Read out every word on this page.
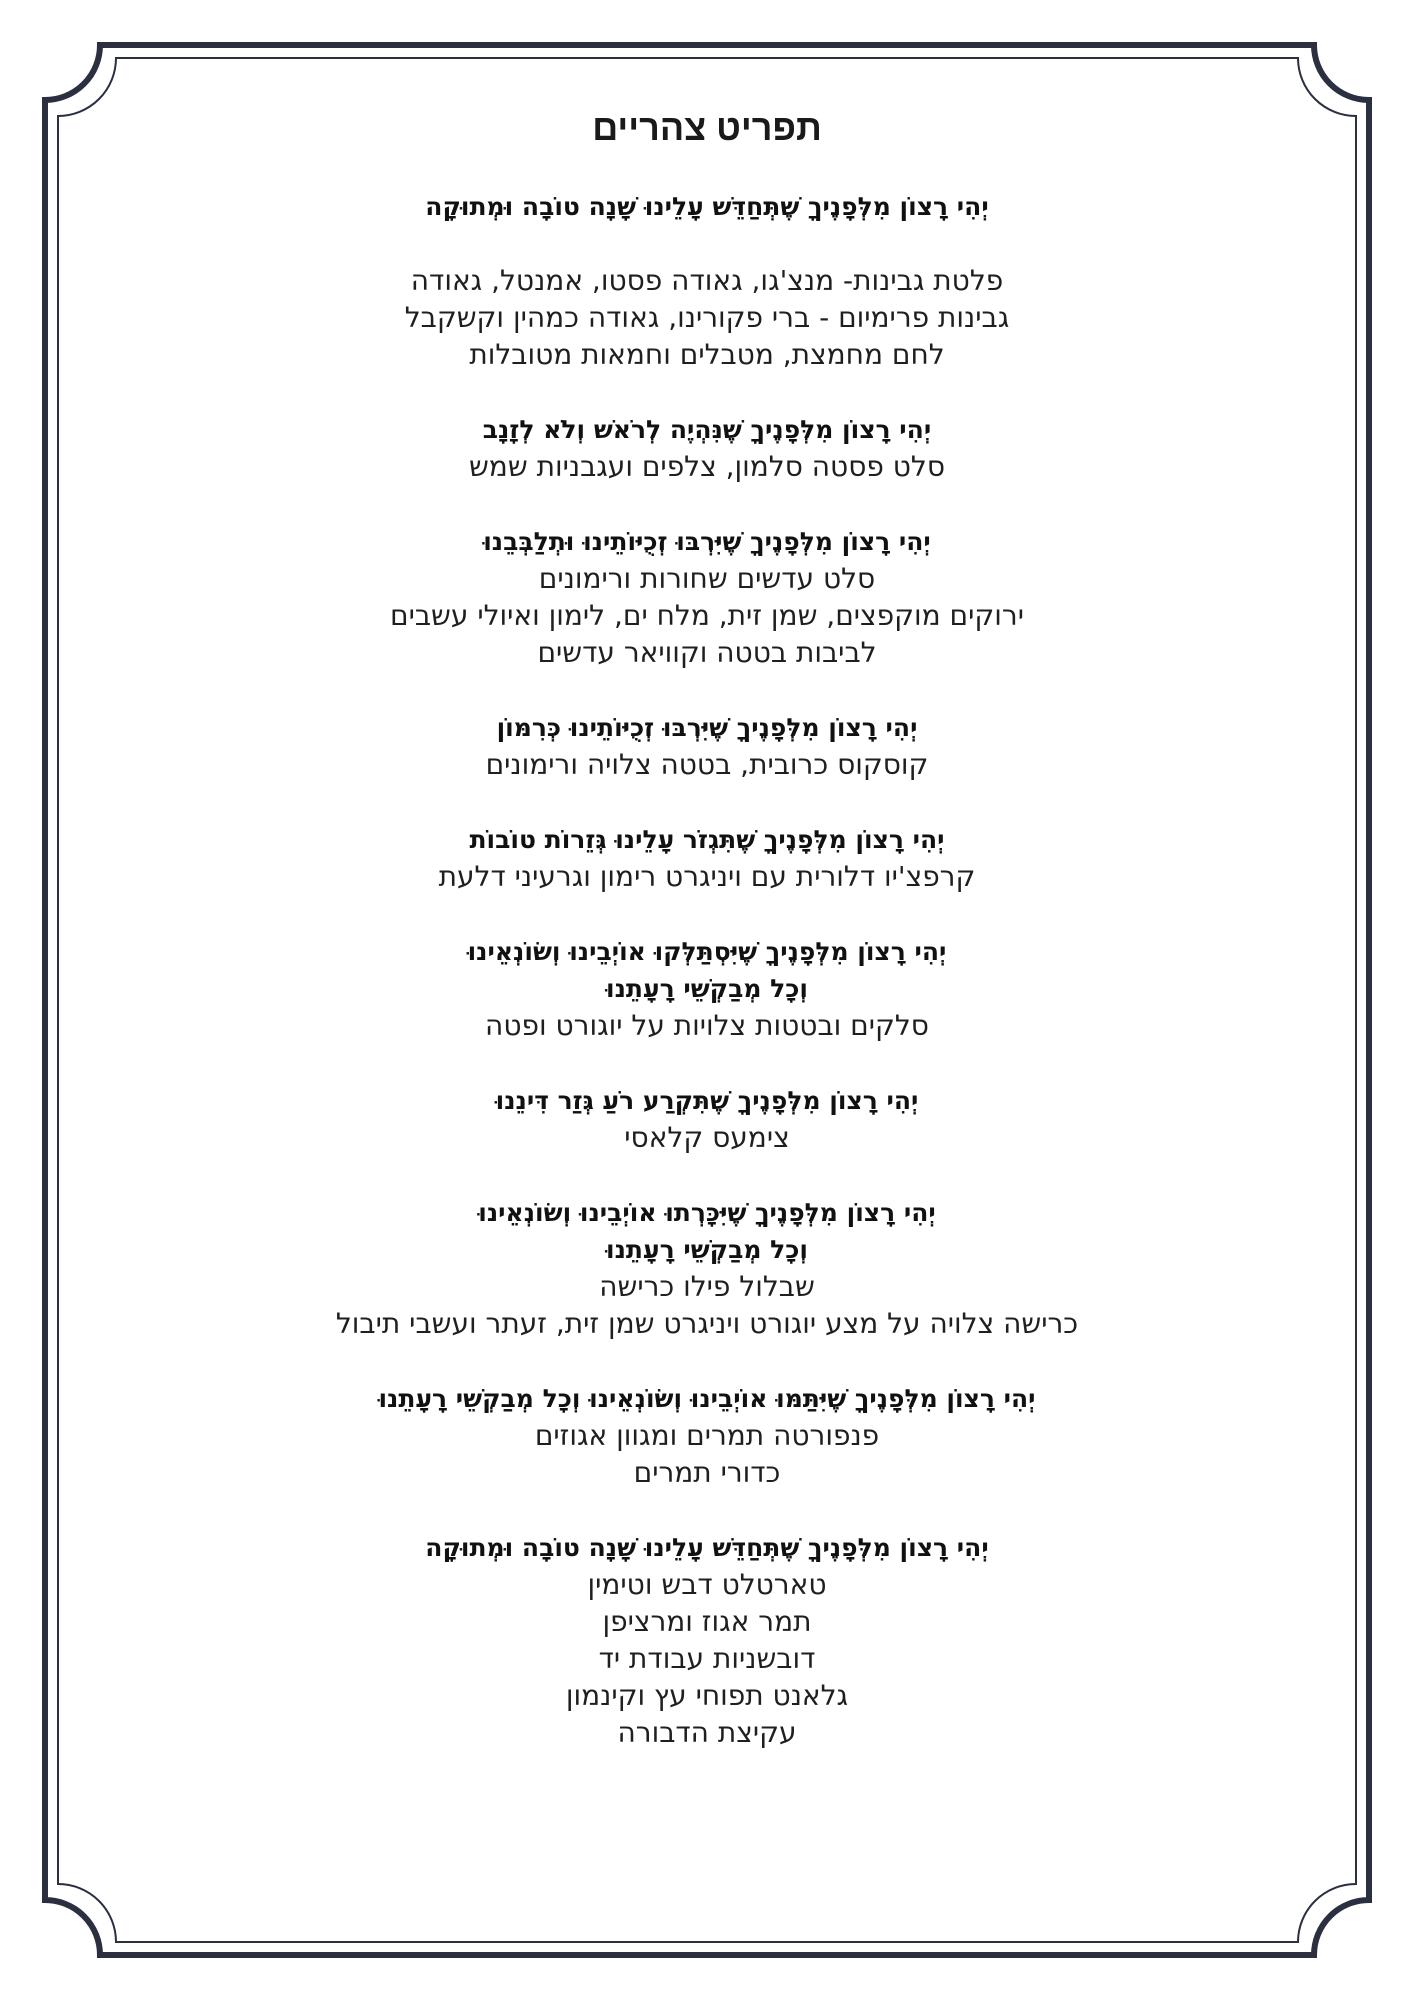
תפריט צהריים
יְהִי רָצוֹן מִלְּפָנֶיךָ שֶׁתְּחַדֵּשׁ עָלֵינוּ שָׁנָה טוֹבָה וּמְתוּקָה
פלטת גבינות- מנצ'גו, גאודה פסטו, אמנטל, גאודה
גבינות פרימיום - ברי פקורינו, גאודה כמהין וקשקבל
לחם מחמצת, מטבלים וחמאות מטובלות
יְהִי רָצוֹן מִלְּפָנֶיךָ שֶׁנִּהְיֶה לְרֹאשׁ וְלֹא לְזָנָב
סלט פסטה סלמון, צלפים ועגבניות שמש
יְהִי רָצוֹן מִלְּפָנֶיךָ שֶׁיִּרְבּוּ זְכֻיּוֹתֵינוּ וּתְלַבְּבֵנוּ
סלט עדשים שחורות ורימונים
ירוקים מוקפצים, שמן זית, מלח ים, לימון ואיולי עשבים
לביבות בטטה וקוויאר עדשים
יְהִי רָצוֹן מִלְּפָנֶיךָ שֶׁיִּרְבּוּ זְכֻיּוֹתֵינוּ כְּרִמּוֹן
קוסקוס כרובית, בטטה צלויה ורימונים
יְהִי רָצוֹן מִלְּפָנֶיךָ שֶׁתִּגְזֹר עָלֵינוּ גְּזֵרוֹת טוֹבוֹת
קרפצ'יו דלורית עם ויניגרט רימון וגרעיני דלעת
יְהִי רָצוֹן מִלְּפָנֶיךָ שֶׁיִּסְתַּלְּקוּ אוֹיְבֵינוּ וְשׂוֹנְאֵינוּ
וְכָל מְבַקְשֵׁי רָעָתֵנוּ
סלקים ובטטות צלויות על יוגורט ופטה
יְהִי רָצוֹן מִלְּפָנֶיךָ שֶׁתִּקְרַע רֹעַ גְּזַר דִּינֵנוּ
צימעס קלאסי
יְהִי רָצוֹן מִלְּפָנֶיךָ שֶׁיִּכָּרְתוּ אוֹיְבֵינוּ וְשׂוֹנְאֵינוּ
וְכָל מְבַקְשֵׁי רָעָתֵנוּ
שבלול פילו כרישה
כרישה צלויה על מצע יוגורט ויניגרט שמן זית, זעתר ועשבי תיבול
יְהִי רָצוֹן מִלְּפָנֶיךָ שֶׁיִּתַּמּוּ אוֹיְבֵינוּ וְשׂוֹנְאֵינוּ וְכָל מְבַקְשֵׁי רָעָתֵנוּ
פנפורטה תמרים ומגוון אגוזים
כדורי תמרים
יְהִי רָצוֹן מִלְּפָנֶיךָ שֶׁתְּחַדֵּשׁ עָלֵינוּ שָׁנָה טוֹבָה וּמְתוּקָה
טארטלט דבש וטימין
תמר אגוז ומרציפן
דובשניות עבודת יד
גלאנט תפוחי עץ וקינמון
עקיצת הדבורה
